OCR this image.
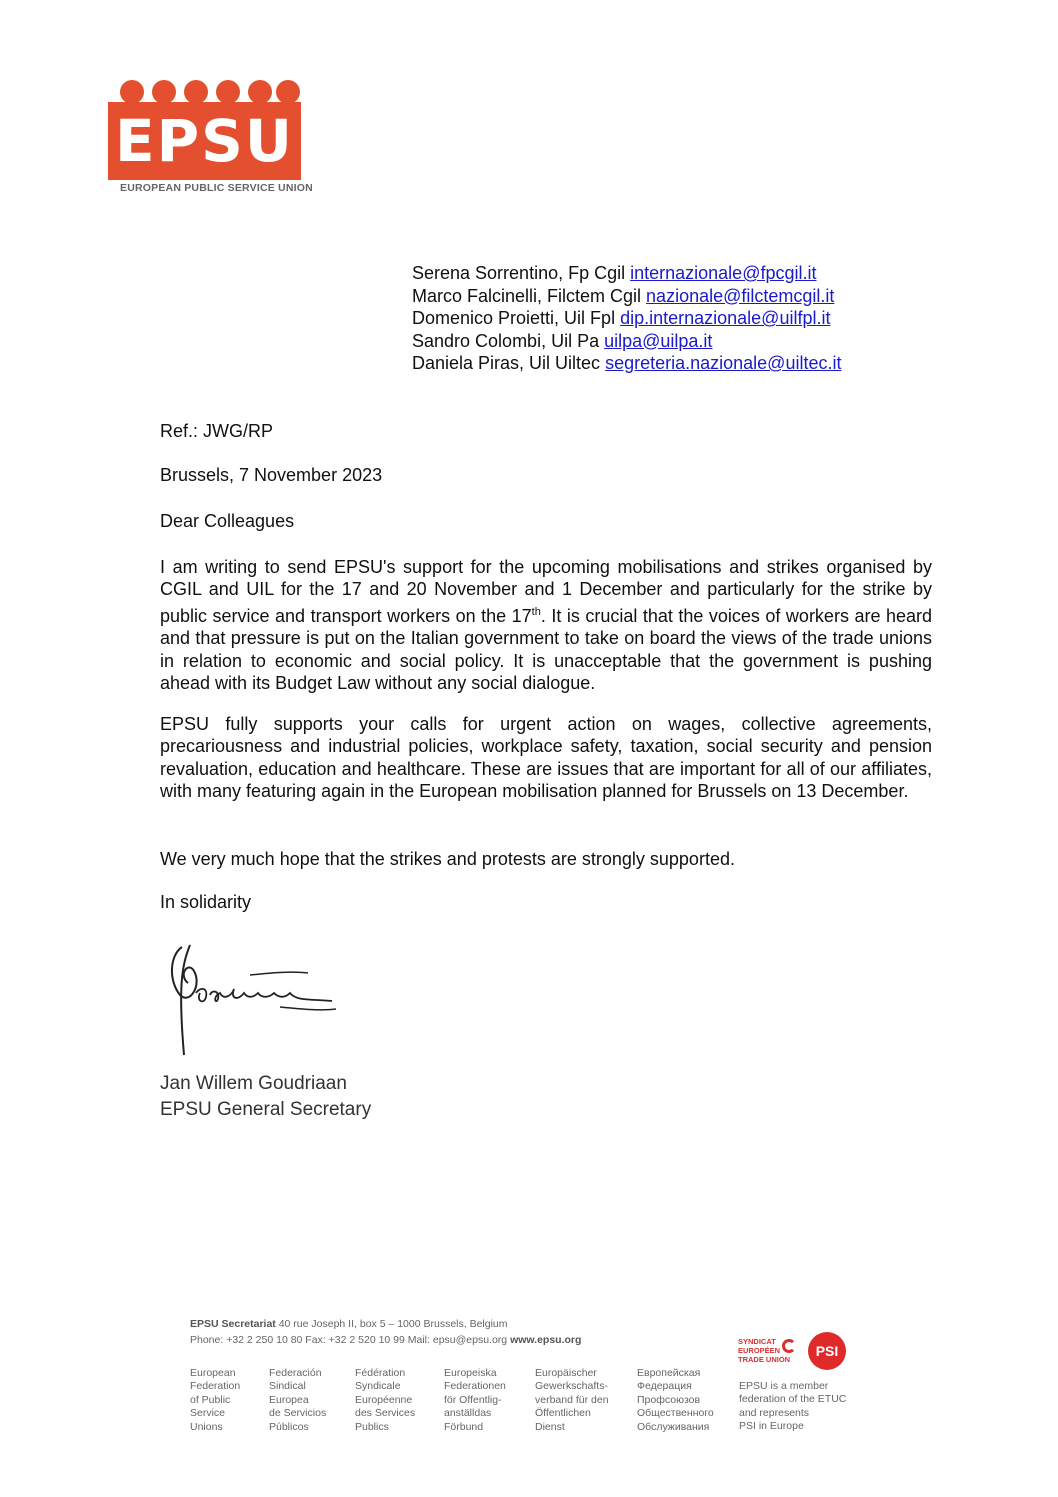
EPSU
EUROPEAN PUBLIC SERVICE UNION
Serena Sorrentino, Fp Cgil internazionale@fpcgil.it
Marco Falcinelli, Filctem Cgil nazionale@filctemcgil.it
Domenico Proietti, Uil Fpl dip.internazionale@uilfpl.it
Sandro Colombi, Uil Pa uilpa@uilpa.it
Daniela Piras, Uil Uiltec segreteria.nazionale@uiltec.it
Ref.: JWG/RP
Brussels, 7 November 2023
Dear Colleagues
I am writing to send EPSU's support for the upcoming mobilisations and strikes organised by CGIL and UIL for the 17 and 20 November and 1 December and particularly for the strike by public service and transport workers on the 17th. It is crucial that the voices of workers are heard and that pressure is put on the Italian government to take on board the views of the trade unions in relation to economic and social policy. It is unacceptable that the government is pushing ahead with its Budget Law without any social dialogue.
EPSU fully supports your calls for urgent action on wages, collective agreements, precariousness and industrial policies, workplace safety, taxation, social security and pension revaluation, education and healthcare. These are issues that are important for all of our affiliates, with many featuring again in the European mobilisation planned for Brussels on 13 December.
We very much hope that the strikes and protests are strongly supported.
In solidarity
Jan Willem Goudriaan
EPSU General Secretary
EPSU Secretariat 40 rue Joseph II, box 5 – 1000 Brussels, Belgium
Phone: +32 2 250 10 80 Fax: +32 2 520 10 99 Mail: epsu@epsu.org www.epsu.org
European
Federation
of Public
Service
Unions
Federación
Sindical
Europea
de Servicios
Públicos
Fédération
Syndicale
Européenne
des Services
Publics
Europeiska
Federationen
för Offentlig-
anställdas
Förbund
Europäischer
Gewerkschafts-
verband für den
Öffentlichen
Dienst
Европейская
Федерация
Профсоюзов
Общественного
Обслуживания
SYNDICAT
EUROPÉEN
TRADE UNION
PSI
EPSU is a member
federation of the ETUC
and represents
PSI in Europe
